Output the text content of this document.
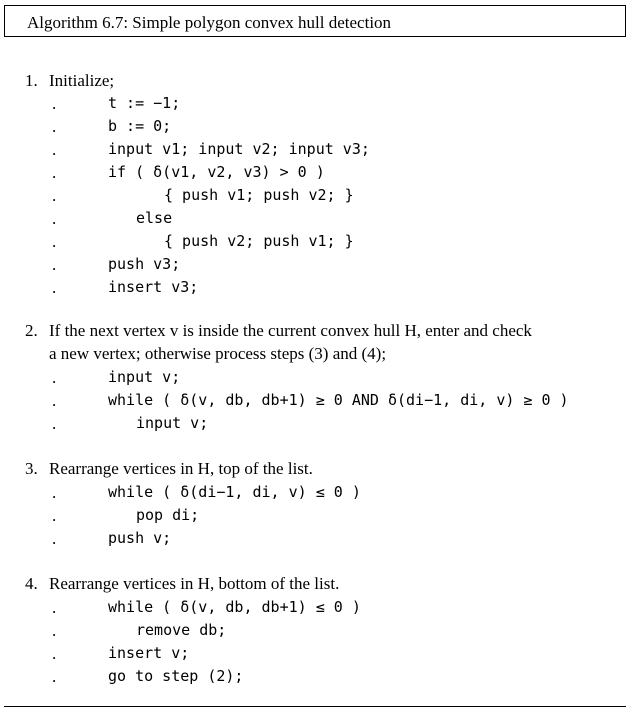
Algorithm 6.7: Simple polygon convex hull detection
1. Initialize;
.	t := −1;
.	b := 0;
.	input v1; input v2; input v3;
.	if ( δ(v1, v2, v3) > 0 )
.	{ push v1; push v2; }
.	else
.	{ push v2; push v1; }
.	push v3;
.	insert v3;
2. If the next vertex v is inside the current convex hull H, enter and check
a new vertex; otherwise process steps (3) and (4);
.	input v;
.	while ( δ(v, db, db+1) ≥ 0 AND δ(di−1, di, v) ≥ 0 )
.	input v;
3. Rearrange vertices in H, top of the list.
.	while ( δ(di−1, di, v) ≤ 0 )
.	pop di;
.	push v;
4. Rearrange vertices in H, bottom of the list.
.	while ( δ(v, db, db+1) ≤ 0 )
.	remove db;
.	insert v;
.	go to step (2);
